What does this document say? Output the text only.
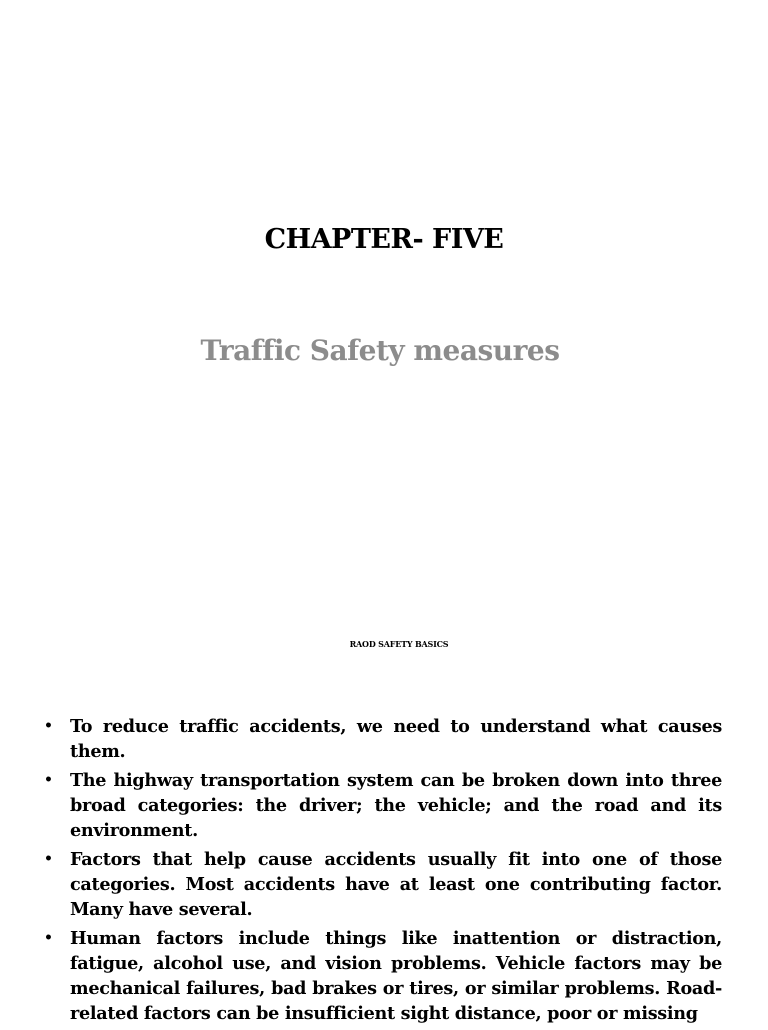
CHAPTER- FIVE
Traffic Safety measures
RAOD SAFETY BASICS
• To reduce traffic accidents, we need to understand what causes them.
• The highway transportation system can be broken down into three broad categories: the driver; the vehicle; and the road and its environment.
• Factors that help cause accidents usually fit into one of those categories. Most accidents have at least one contributing factor. Many have several.
• Human factors include things like inattention or distraction, fatigue, alcohol use, and vision problems. Vehicle factors may be mechanical failures, bad brakes or tires, or similar problems. Road-related factors can be insufficient sight distance, poor or missing
